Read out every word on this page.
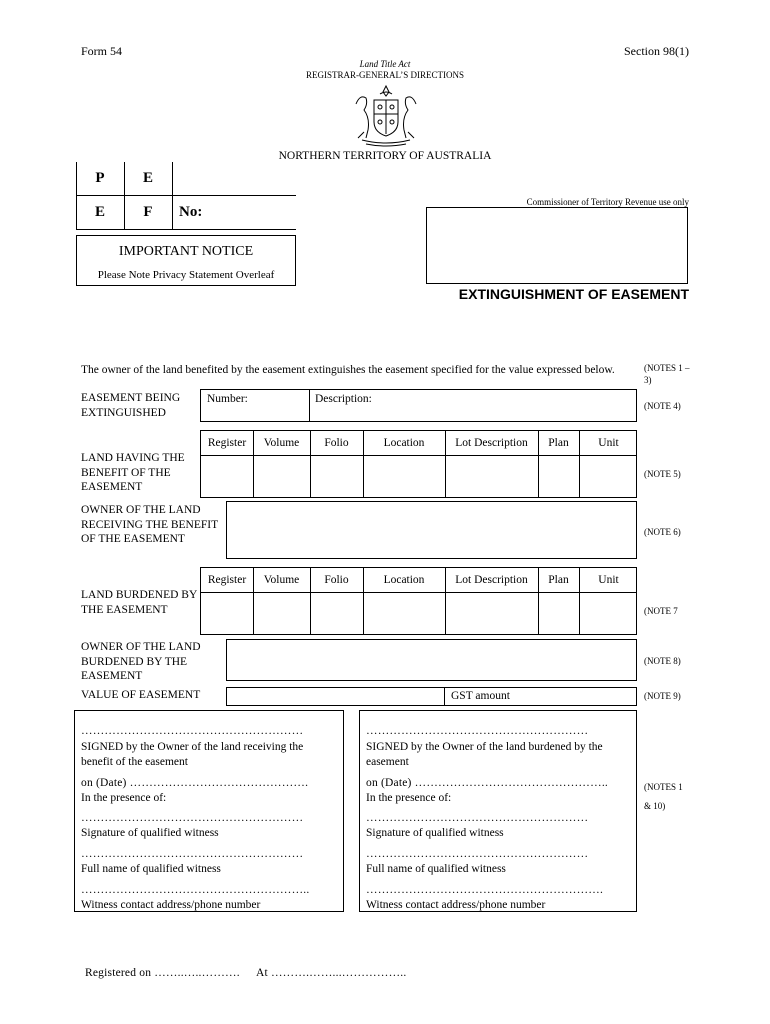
Form 54	Section 98(1)
Land Title Act
REGISTRAR-GENERAL’S DIRECTIONS
NORTHERN TERRITORY OF AUSTRALIA
P	E
E	F	No:
IMPORTANT NOTICE
Please Note Privacy Statement Overleaf
Commissioner of Territory Revenue use only
EXTINGUISHMENT OF EASEMENT
The owner of the land benefited by the easement extinguishes the easement specified for the value expressed below.	(NOTES 1 – 3)
EASEMENT BEING EXTINGUISHED
Number:	Description:
(NOTE 4)
Register	Volume	Folio	Location	Lot Description	Plan	Unit
LAND HAVING THE BENEFIT OF THE EASEMENT
(NOTE 5)
OWNER OF THE LAND RECEIVING THE BENEFIT OF THE EASEMENT
(NOTE 6)
Register	Volume	Folio	Location	Lot Description	Plan	Unit
LAND BURDENED BY THE EASEMENT	(NOTE 7
OWNER OF THE LAND BURDENED BY THE EASEMENT
(NOTE 8)
VALUE OF EASEMENT	GST amount	(NOTE 9)
…………………………………………………
SIGNED by the Owner of the land receiving the benefit of the easement
on (Date) ……………………………………….
In the presence of:
…………………………………………………
Signature of qualified witness
…………………………………………………
Full name of qualified witness
…………………………………………………..
Witness contact address/phone number
…………………………………………………
SIGNED by the Owner of the land burdened by the easement
on (Date) …………………………………………..
In the presence of:
…………………………………………………
Signature of qualified witness
…………………………………………………
Full name of qualified witness
…………………………………………………….
Witness contact address/phone number
(NOTES 1
& 10)
Registered on ……..…..………. At ……….……...……………..
